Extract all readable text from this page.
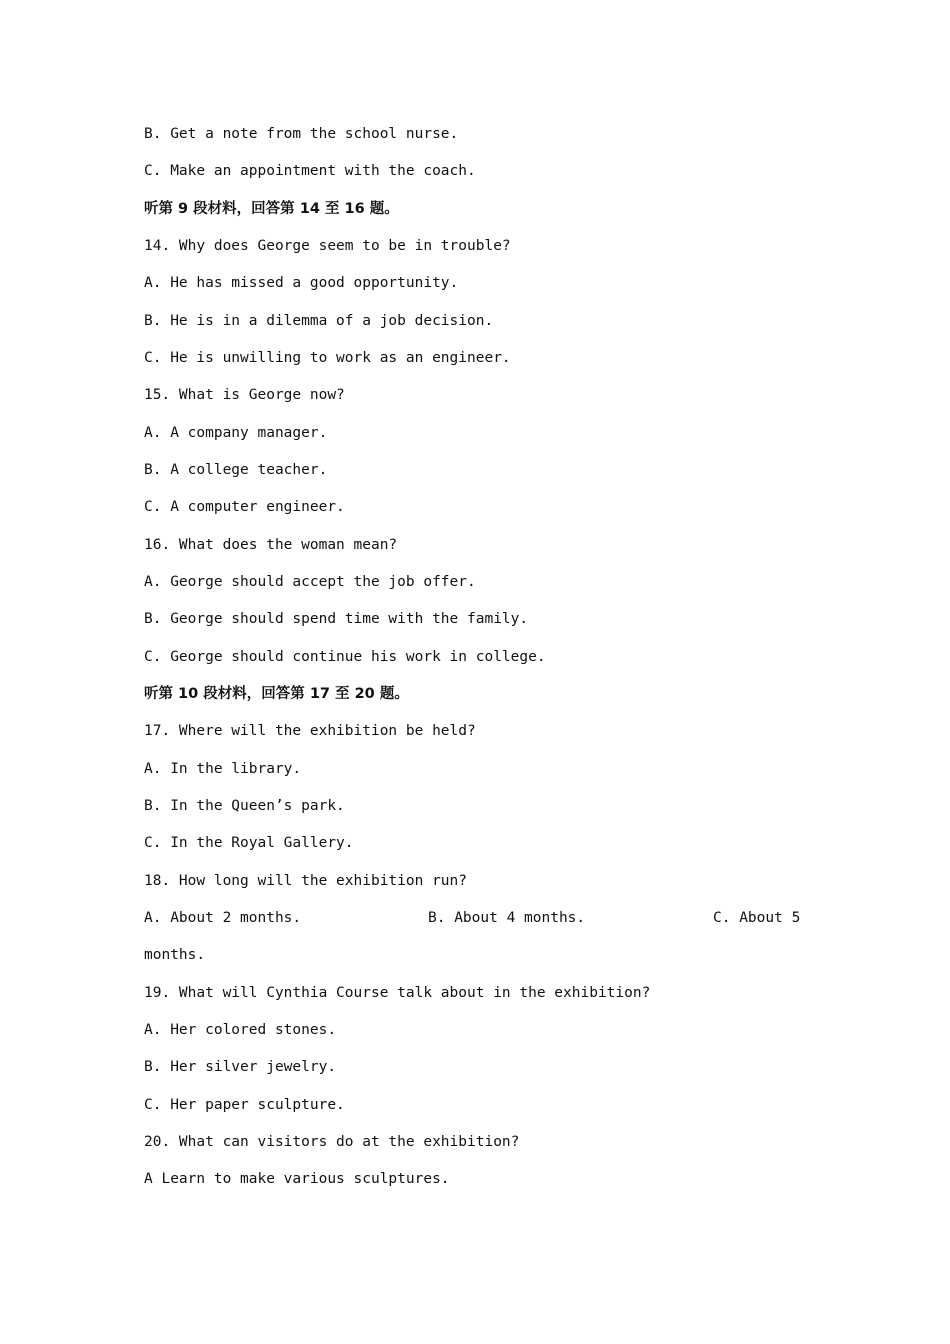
B. Get a note from the school nurse.
C. Make an appointment with the coach.
听第 9 段材料，回答第 14 至 16 题。
14. Why does George seem to be in trouble?
A. He has missed a good opportunity.
B. He is in a dilemma of a job decision.
C. He is unwilling to work as an engineer.
15. What is George now?
A. A company manager.
B. A college teacher.
C. A computer engineer.
16. What does the woman mean?
A. George should accept the job offer.
B. George should spend time with the family.
C. George should continue his work in college.
听第 10 段材料，回答第 17 至 20 题。
17. Where will the exhibition be held?
A. In the library.
B. In the Queen’s park.
C. In the Royal Gallery.
18. How long will the exhibition run?

A. About 2 months.

	B. About 4 months.

	C. About 5

months.
19. What will Cynthia Course talk about in the exhibition?
A. Her colored stones.
B. Her silver jewelry.
C. Her paper sculpture.
20. What can visitors do at the exhibition?
A Learn to make various sculptures.
